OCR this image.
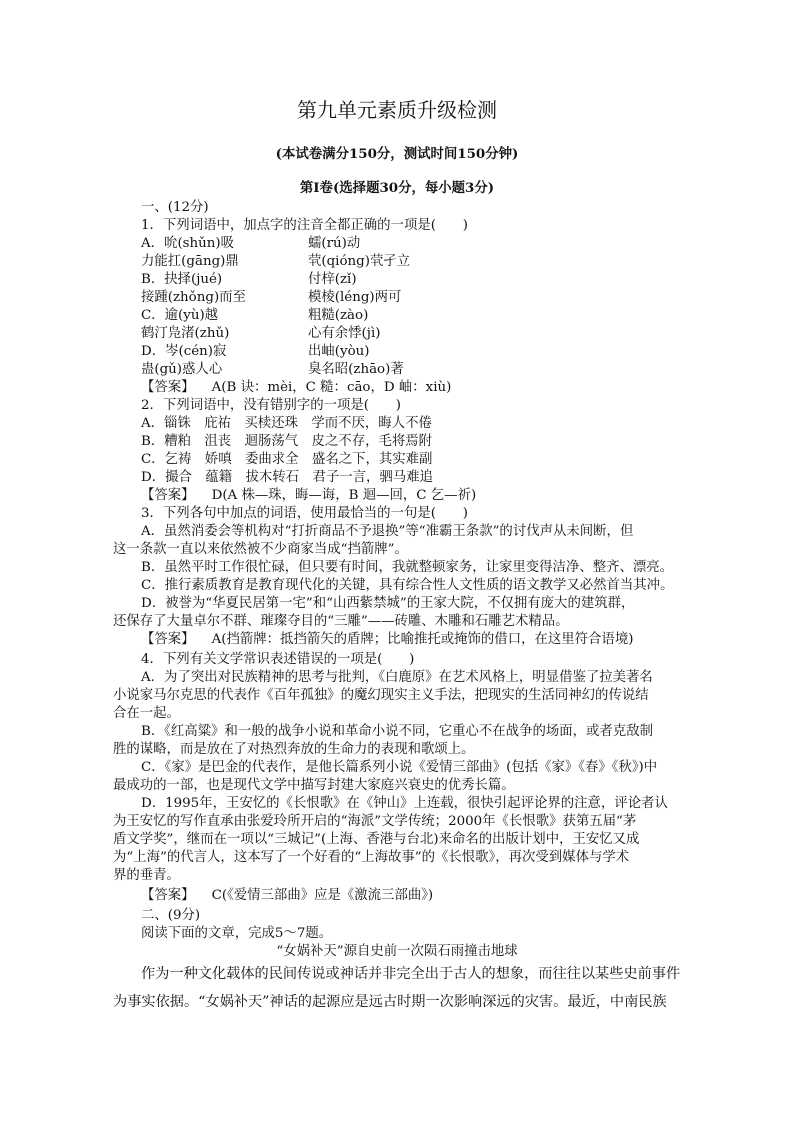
第九单元素质升级检测
(本试卷满分150分，测试时间150分钟)
第Ⅰ卷(选择题30分，每小题3分)
一、(12分)
1．下列词语中，加点字的注音全都正确的一项是(　　)
A．吮(shǔn)吸	蠕(rú)动
力能扛(gāng)鼎	茕(qióng)茕孑立
B．抉择(jué)	付梓(zǐ)
接踵(zhǒng)而至	模棱(léng)两可
C．逾(yù)越	粗糙(zào)
鹤汀凫渚(zhǔ)	心有余悸(jì)
D．岑(cén)寂	出岫(yòu)
蛊(gǔ)惑人心	臭名昭(zhāo)著
【答案】 A(B 诀：mèi，C 糙：cāo，D 岫：xiù)
2．下列词语中，没有错别字的一项是(　　)
A．锱铢　庇祐　买椟还珠　学而不厌，晦人不倦
B．糟粕　沮丧　迴肠荡气　皮之不存，毛将焉附
C．乞祷　娇嗔　委曲求全　盛名之下，其实难副
D．撮合　蕴籍　拔木转石　君子一言，驷马难追
【答案】 D(A 株—珠，晦—诲，B 迴—回，C 乞—祈)
3．下列各句中加点的词语，使用最恰当的一句是(　　)
A．虽然消委会等机构对“打折商品不予退换”等“准霸王条款”的讨伐声从未间断，但
这一条款一直以来依然被不少商家当成“挡箭牌”。
B．虽然平时工作很忙碌，但只要有时间，我就整顿家务，让家里变得洁净、整齐、漂亮。
C．推行素质教育是教育现代化的关键，具有综合性人文性质的语文教学又必然首当其冲。
D．被誉为“华夏民居第一宅”和“山西紫禁城”的王家大院，不仅拥有庞大的建筑群，
还保存了大量卓尔不群、璀璨夺目的“三雕”——砖雕、木雕和石雕艺术精品。
【答案】 A(挡箭牌：抵挡箭矢的盾牌；比喻推托或掩饰的借口，在这里符合语境)
4．下列有关文学常识表述错误的一项是(　　)
A．为了突出对民族精神的思考与批判，《白鹿原》在艺术风格上，明显借鉴了拉美著名
小说家马尔克思的代表作《百年孤独》的魔幻现实主义手法，把现实的生活同神幻的传说结
合在一起。
B．《红高粱》和一般的战争小说和革命小说不同，它重心不在战争的场面，或者克敌制
胜的谋略，而是放在了对热烈奔放的生命力的表现和歌颂上。
C．《家》是巴金的代表作，是他长篇系列小说《爱情三部曲》(包括《家》《春》《秋》)中
最成功的一部，也是现代文学中描写封建大家庭兴衰史的优秀长篇。
D．1995年，王安忆的《长恨歌》在《钟山》上连载，很快引起评论界的注意，评论者认
为王安忆的写作直承由张爱玲所开启的“海派”文学传统；2000年《长恨歌》获第五届“茅
盾文学奖”，继而在一项以“三城记”(上海、香港与台北)来命名的出版计划中，王安忆又成
为“上海”的代言人，这本写了一个好看的“上海故事”的《长恨歌》，再次受到媒体与学术
界的垂青。
【答案】 C(《爱情三部曲》应是《激流三部曲》)
二、(9分)
阅读下面的文章，完成5～7题。
“女娲补天”源自史前一次陨石雨撞击地球
作为一种文化载体的民间传说或神话并非完全出于古人的想象，而往往以某些史前事件
为事实依据。“女娲补天”神话的起源应是远古时期一次影响深远的灾害。最近，中南民族
